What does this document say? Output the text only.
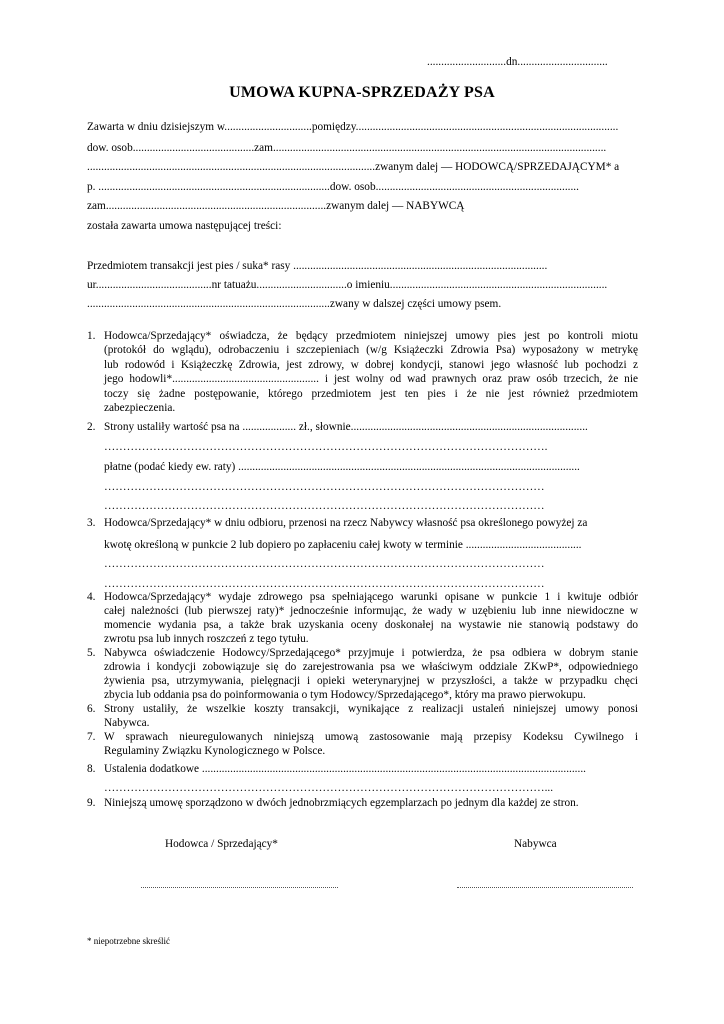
............................dn................................
UMOWA KUPNA-SPRZEDAŻY PSA
Zawarta w dniu dzisiejszym w...............................pomiędzy.............................................................................................
dow. osob...........................................zam......................................................................................................................
......................................................................................................zwanym dalej — HODOWCĄ/SPRZEDAJĄCYM* a
p. ..................................................................................dow. osob........................................................................
zam..............................................................................zwanym dalej — NABYWCĄ
została zawarta umowa następującej treści:
Przedmiotem transakcji jest pies / suka* rasy ..........................................................................................
ur.........................................nr tatuażu................................o imieniu.............................................................................
......................................................................................zwany w dalszej części umowy psem.
1. Hodowca/Sprzedający* oświadcza, że będący przedmiotem niniejszej umowy pies jest po kontroli miotu
(protokół do wglądu), odrobaczeniu i szczepieniach (w/g Książeczki Zdrowia Psa) wyposażony w metrykę
lub rodowód i Książeczkę Zdrowia, jest zdrowy, w dobrej kondycji, stanowi jego własność lub pochodzi z
jego hodowli*.................................................... i jest wolny od wad prawnych oraz praw osób trzecich, że nie
toczy się żadne postępowanie, którego przedmiotem jest ten pies i że nie jest również przedmiotem
zabezpieczenia.
2. Strony ustaliły wartość psa na ................... zł., słownie....................................................................................
……………………………………………………………………………………………………….
płatne (podać kiedy ew. raty) .........................................................................................................................
………………………………………………………………………………………………………
………………………………………………………………………………………………………
3. Hodowca/Sprzedający* w dniu odbioru, przenosi na rzecz Nabywcy własność psa określonego powyżej za
kwotę określoną w punkcie 2 lub dopiero po zapłaceniu całej kwoty w terminie .........................................
………………………………………………………………………………………………………
………………………………………………………………………………………………………
4. Hodowca/Sprzedający* wydaje zdrowego psa spełniającego warunki opisane w punkcie 1 i kwituje odbiór
całej należności (lub pierwszej raty)* jednocześnie informując, że wady w uzębieniu lub inne niewidoczne w
momencie wydania psa, a także brak uzyskania oceny doskonałej na wystawie nie stanowią podstawy do
zwrotu psa lub innych roszczeń z tego tytułu.
5. Nabywca oświadczenie Hodowcy/Sprzedającego* przyjmuje i potwierdza, że psa odbiera w dobrym stanie
zdrowia i kondycji zobowiązuje się do zarejestrowania psa we właściwym oddziale ZKwP*, odpowiedniego
żywienia psa, utrzymywania, pielęgnacji i opieki weterynaryjnej w przyszłości, a także w przypadku chęci
zbycia lub oddania psa do poinformowania o tym Hodowcy/Sprzedającego*, który ma prawo pierwokupu.
6. Strony ustaliły, że wszelkie koszty transakcji, wynikające z realizacji ustaleń niniejszej umowy ponosi
Nabywca.
7. W sprawach nieuregulowanych niniejszą umową zastosowanie mają przepisy Kodeksu Cywilnego i
Regulaminy Związku Kynologicznego w Polsce.
8. Ustalenia dodatkowe ........................................................................................................................................
………………………………………………………………………………………………………...
9. Niniejszą umowę sporządzono w dwóch jednobrzmiących egzemplarzach po jednym dla każdej ze stron.
Hodowca / Sprzedający*	Nabywca
* niepotrzebne skreślić
